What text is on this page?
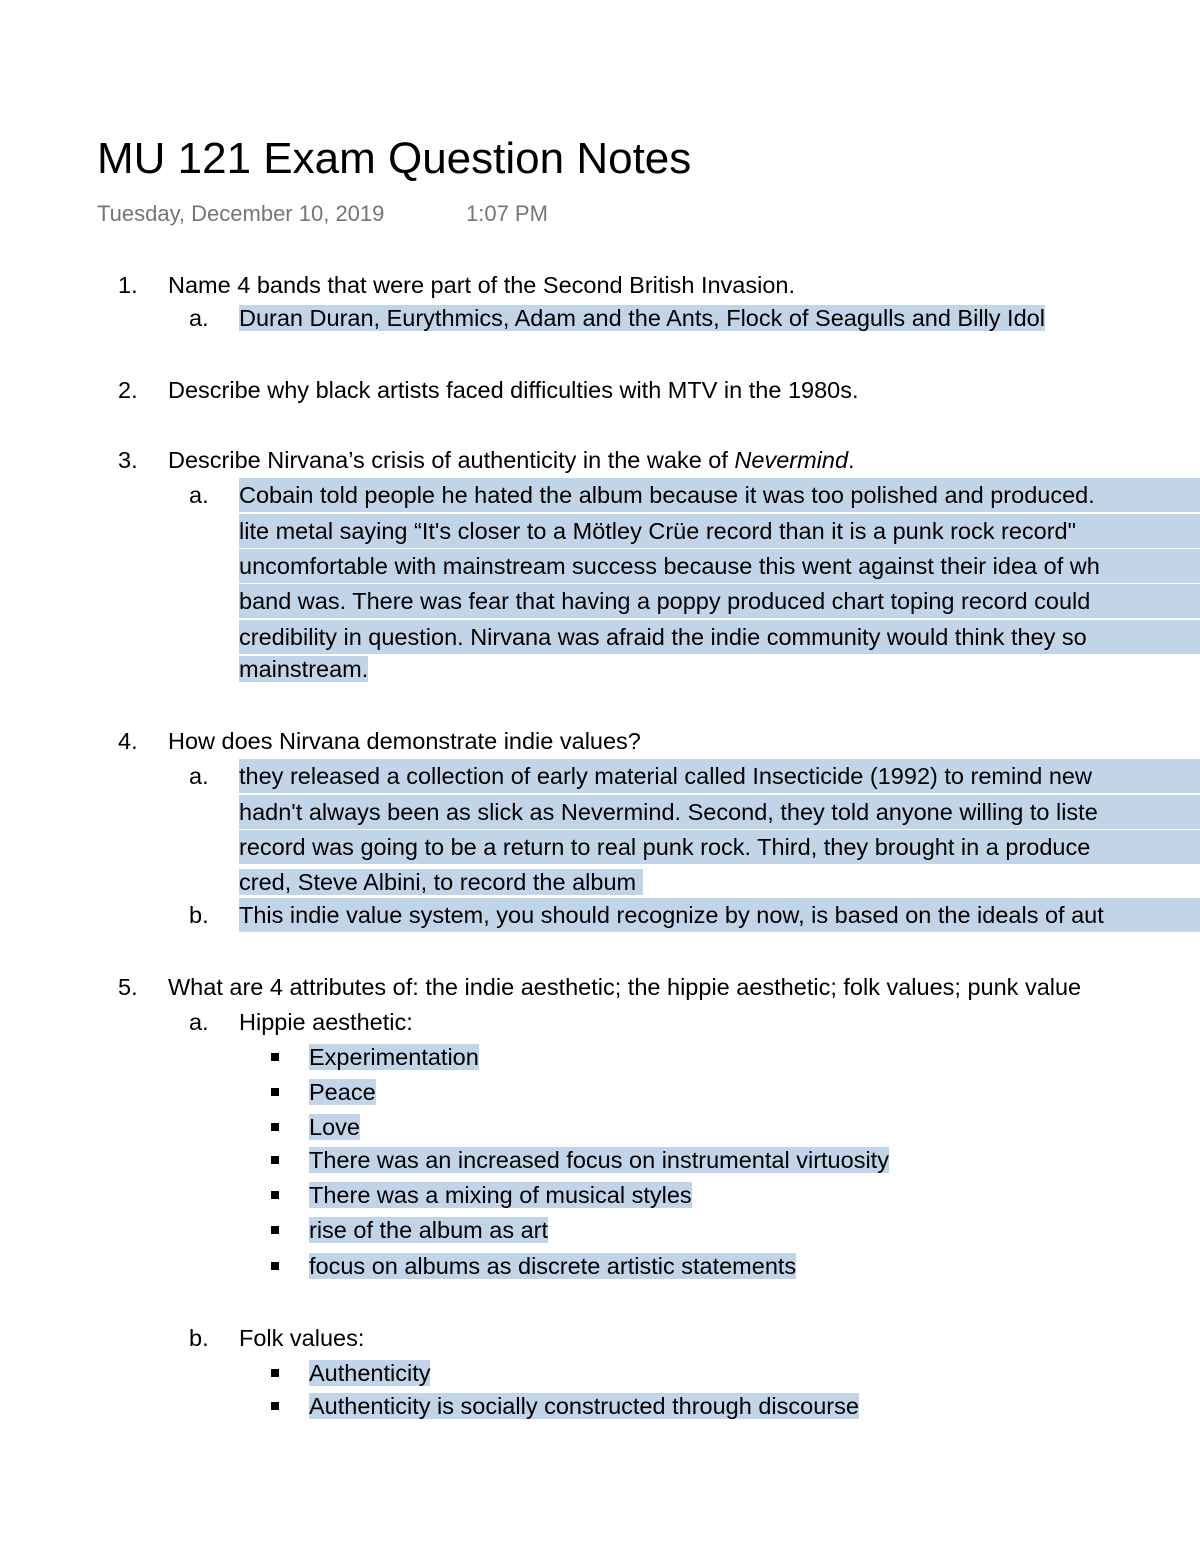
MU 121 Exam Question Notes
Tuesday, December 10, 2019	1:07 PM
1. Name 4 bands that were part of the Second British Invasion.
a. Duran Duran, Eurythmics, Adam and the Ants, Flock of Seagulls and Billy Idol
2. Describe why black artists faced difficulties with MTV in the 1980s.
3. Describe Nirvana’s crisis of authenticity in the wake of Nevermind.
a. Cobain told people he hated the album because it was too polished and produced.
lite metal saying “It's closer to a Mötley Crüe record than it is a punk rock record"
uncomfortable with mainstream success because this went against their idea of wh
band was. There was fear that having a poppy produced chart toping record could
credibility in question. Nirvana was afraid the indie community would think they so
mainstream.
4. How does Nirvana demonstrate indie values?
a. they released a collection of early material called Insecticide (1992) to remind new
hadn't always been as slick as Nevermind. Second, they told anyone willing to liste
record was going to be a return to real punk rock. Third, they brought in a produce
cred, Steve Albini, to record the album
b. This indie value system, you should recognize by now, is based on the ideals of aut
5. What are 4 attributes of: the indie aesthetic; the hippie aesthetic; folk values; punk value
a. Hippie aesthetic:
Experimentation
Peace
Love
There was an increased focus on instrumental virtuosity
There was a mixing of musical styles
rise of the album as art
focus on albums as discrete artistic statements
b. Folk values:
Authenticity
Authenticity is socially constructed through discourse
